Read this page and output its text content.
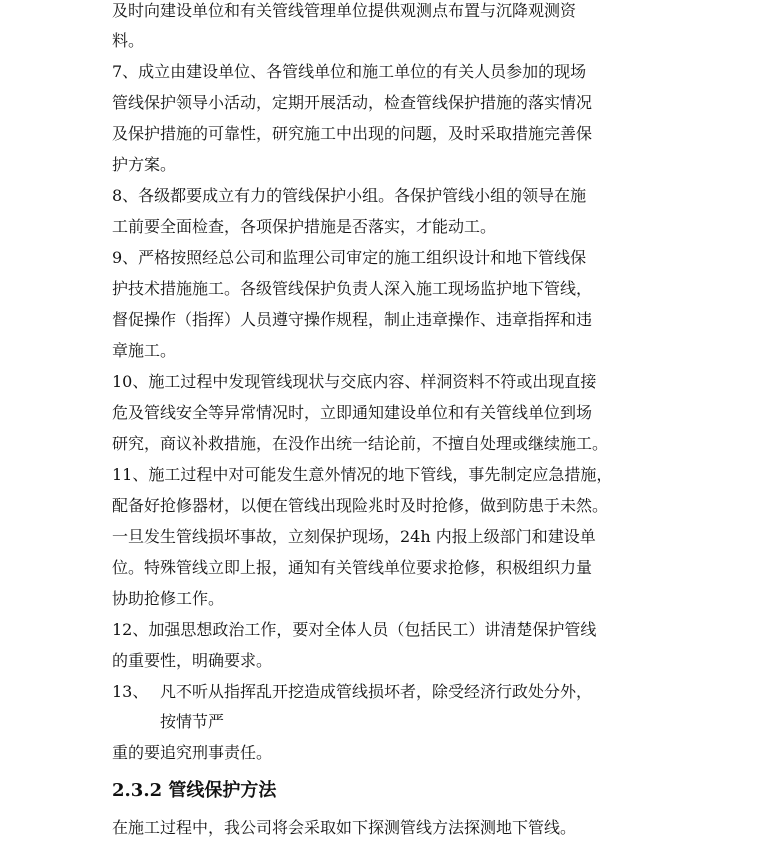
及时向建设单位和有关管线管理单位提供观测点布置与沉降观测资
料。
7、成立由建设单位、各管线单位和施工单位的有关人员参加的现场
管线保护领导小活动，定期开展活动，检查管线保护措施的落实情况
及保护措施的可靠性，研究施工中出现的问题，及时采取措施完善保
护方案。
8、各级都要成立有力的管线保护小组。各保护管线小组的领导在施
工前要全面检查，各项保护措施是否落实，才能动工。
9、严格按照经总公司和监理公司审定的施工组织设计和地下管线保
护技术措施施工。各级管线保护负责人深入施工现场监护地下管线，
督促操作（指挥）人员遵守操作规程，制止违章操作、违章指挥和违
章施工。
10、施工过程中发现管线现状与交底内容、样洞资料不符或出现直接
危及管线安全等异常情况时，立即通知建设单位和有关管线单位到场
研究，商议补救措施，在没作出统一结论前，不擅自处理或继续施工。
11、施工过程中对可能发生意外情况的地下管线，事先制定应急措施，
配备好抢修器材，以便在管线出现险兆时及时抢修，做到防患于未然。
一旦发生管线损坏事故，立刻保护现场，24h 内报上级部门和建设单
位。特殊管线立即上报，通知有关管线单位要求抢修，积极组织力量
协助抢修工作。
12、加强思想政治工作，要对全体人员（包括民工）讲清楚保护管线
的重要性，明确要求。
13、 凡不听从指挥乱开挖造成管线损坏者，除受经济行政处分外，
按情节严
重的要追究刑事责任。
2.3.2 管线保护方法
在施工过程中，我公司将会采取如下探测管线方法探测地下管线。
